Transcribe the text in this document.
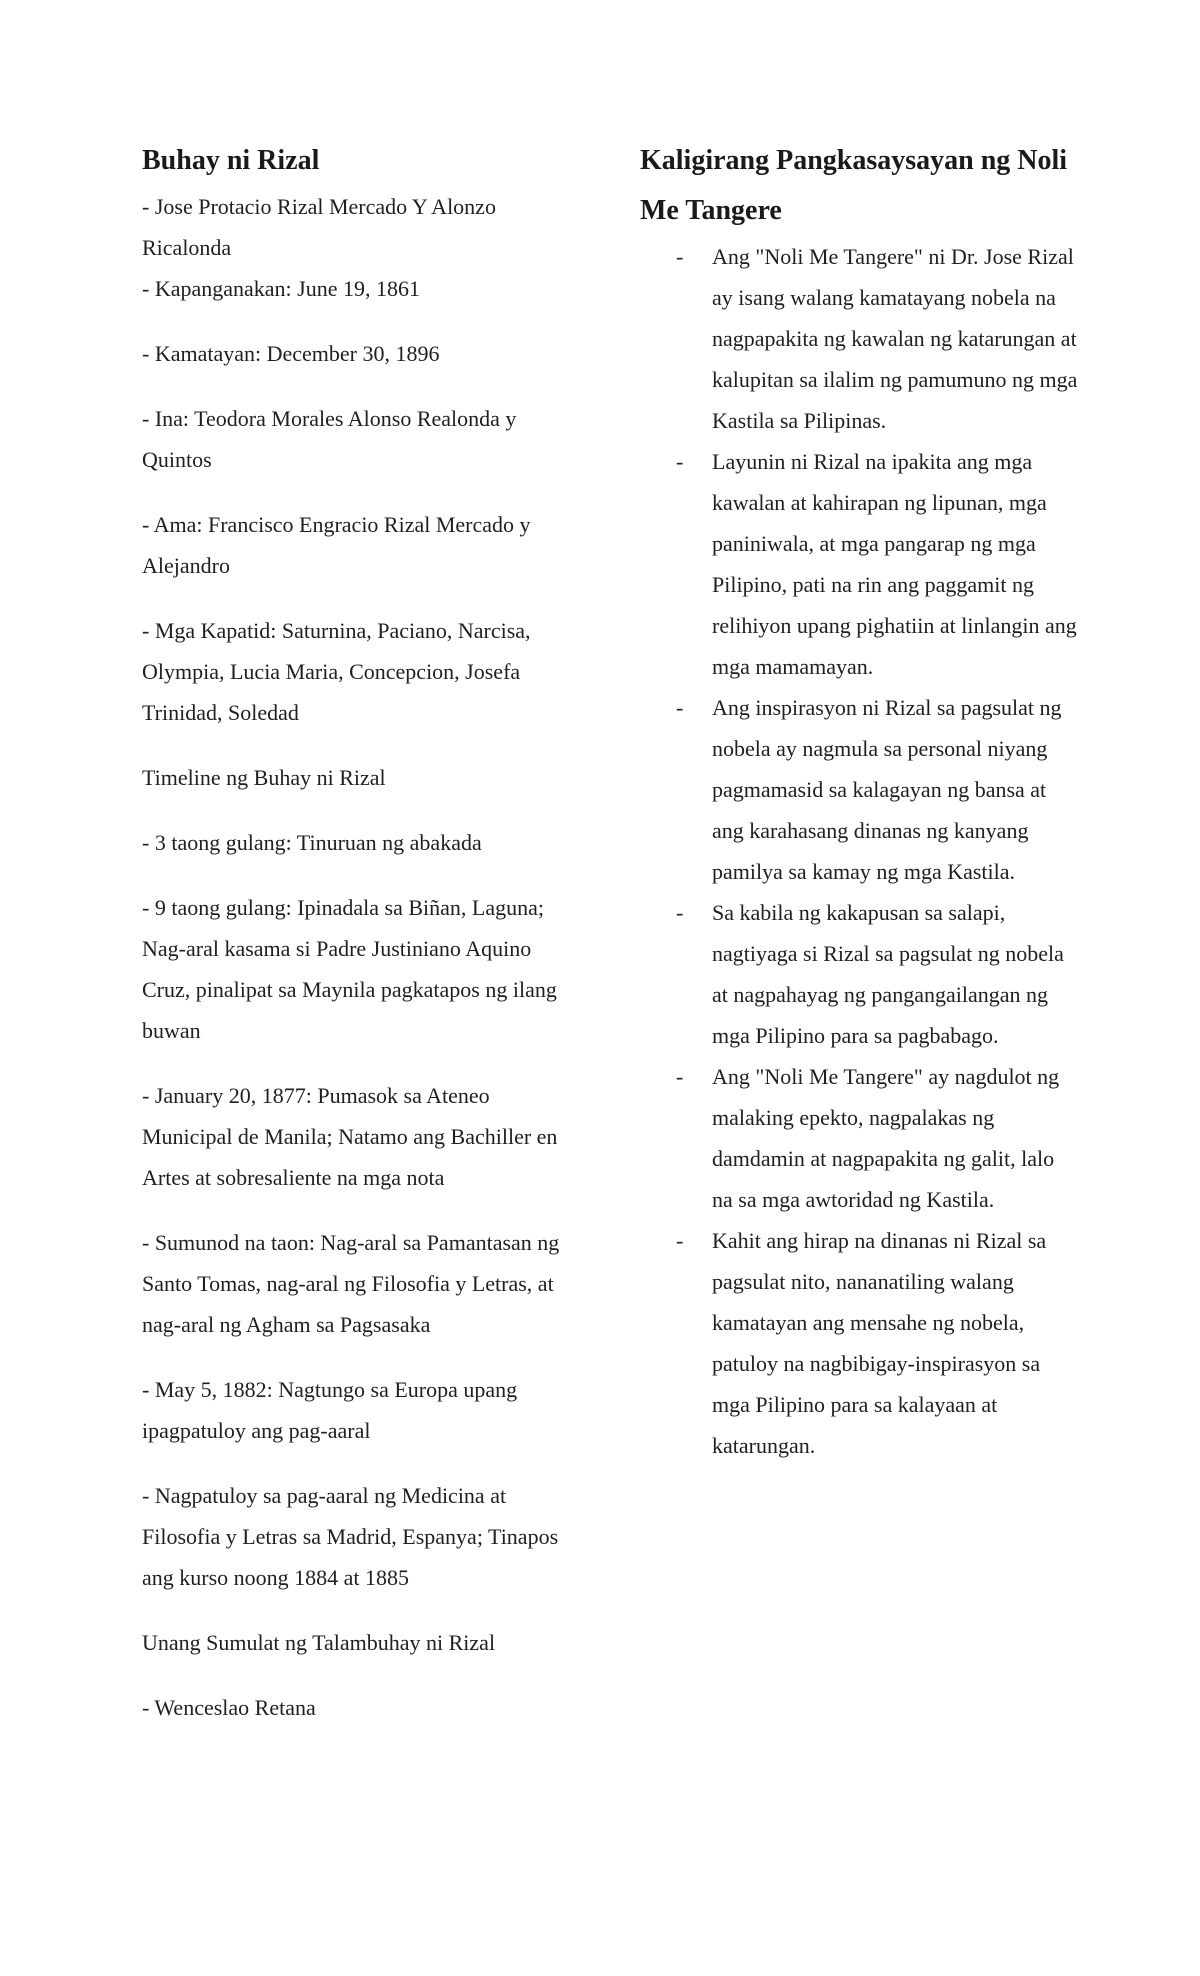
Buhay ni Rizal

- Jose Protacio Rizal Mercado Y Alonzo Ricalonda

- Kapanganakan: June 19, 1861

- Kamatayan: December 30, 1896

- Ina: Teodora Morales Alonso Realonda y Quintos

- Ama: Francisco Engracio Rizal Mercado y Alejandro

- Mga Kapatid: Saturnina, Paciano, Narcisa, Olympia, Lucia Maria, Concepcion, Josefa Trinidad, Soledad

Timeline ng Buhay ni Rizal

- 3 taong gulang: Tinuruan ng abakada

- 9 taong gulang: Ipinadala sa Biñan, Laguna; Nag-aral kasama si Padre Justiniano Aquino Cruz, pinalipat sa Maynila pagkatapos ng ilang buwan

- January 20, 1877: Pumasok sa Ateneo Municipal de Manila; Natamo ang Bachiller en Artes at sobresaliente na mga nota

- Sumunod na taon: Nag-aral sa Pamantasan ng Santo Tomas, nag-aral ng Filosofia y Letras, at nag-aral ng Agham sa Pagsasaka

- May 5, 1882: Nagtungo sa Europa upang ipagpatuloy ang pag-aaral

- Nagpatuloy sa pag-aaral ng Medicina at Filosofia y Letras sa Madrid, Espanya; Tinapos ang kurso noong 1884 at 1885

Unang Sumulat ng Talambuhay ni Rizal

- Wenceslao Retana

Kaligirang Pangkasaysayan ng Noli Me Tangere
- Ang "Noli Me Tangere" ni Dr. Jose Rizal ay isang walang kamatayang nobela na nagpapakita ng kawalan ng katarungan at kalupitan sa ilalim ng pamumuno ng mga Kastila sa Pilipinas.
- Layunin ni Rizal na ipakita ang mga kawalan at kahirapan ng lipunan, mga paniniwala, at mga pangarap ng mga Pilipino, pati na rin ang paggamit ng relihiyon upang pighatiin at linlangin ang mga mamamayan.
- Ang inspirasyon ni Rizal sa pagsulat ng nobela ay nagmula sa personal niyang pagmamasid sa kalagayan ng bansa at ang karahasang dinanas ng kanyang pamilya sa kamay ng mga Kastila.
- Sa kabila ng kakapusan sa salapi, nagtiyaga si Rizal sa pagsulat ng nobela at nagpahayag ng pangangailangan ng mga Pilipino para sa pagbabago.
- Ang "Noli Me Tangere" ay nagdulot ng malaking epekto, nagpalakas ng damdamin at nagpapakita ng galit, lalo na sa mga awtoridad ng Kastila.
- Kahit ang hirap na dinanas ni Rizal sa pagsulat nito, nananatiling walang kamatayan ang mensahe ng nobela, patuloy na nagbibigay-inspirasyon sa mga Pilipino para sa kalayaan at katarungan.
